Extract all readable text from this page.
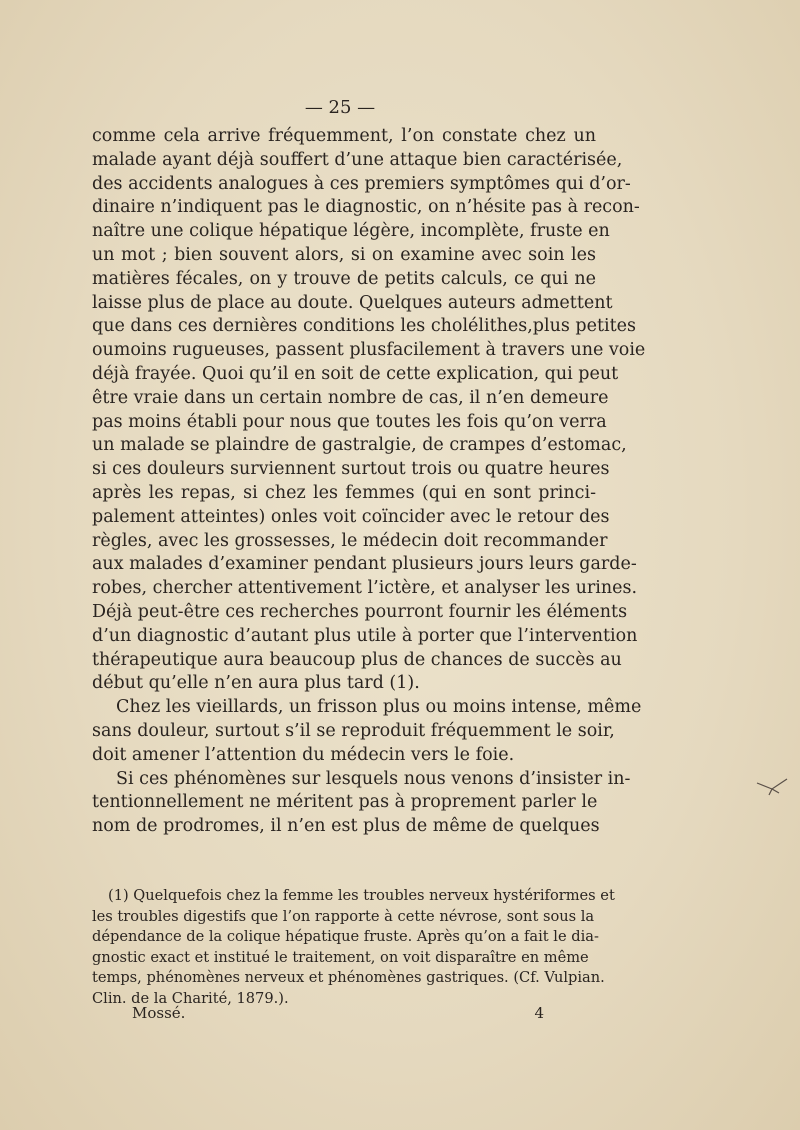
— 25 —
comme cela arrive fréquemment, l’on constate chez un
malade ayant déjà souffert d’une attaque bien caractérisée,
des accidents analogues à ces premiers symptômes qui d’or-
dinaire n’indiquent pas le diagnostic, on n’hésite pas à recon-
naître une colique hépatique légère, incomplète, fruste en
un mot ; bien souvent alors, si on examine avec soin les
matières fécales, on y trouve de petits calculs, ce qui ne
laisse plus de place au doute. Quelques auteurs admettent
que dans ces dernières conditions les cholélithes,plus petites
oumoins rugueuses, passent plusfacilement à travers une voie
déjà frayée. Quoi qu’il en soit de cette explication, qui peut
être vraie dans un certain nombre de cas, il n’en demeure
pas moins établi pour nous que toutes les fois qu’on verra
un malade se plaindre de gastralgie, de crampes d’estomac,
si ces douleurs surviennent surtout trois ou quatre heures
après les repas, si chez les femmes (qui en sont princi-
palement atteintes) onles voit coïncider avec le retour des
règles, avec les grossesses, le médecin doit recommander
aux malades d’examiner pendant plusieurs jours leurs garde-
robes, chercher attentivement l’ictère, et analyser les urines.
Déjà peut-être ces recherches pourront fournir les éléments
d’un diagnostic d’autant plus utile à porter que l’intervention
thérapeutique aura beaucoup plus de chances de succès au
début qu’elle n’en aura plus tard (1).
Chez les vieillards, un frisson plus ou moins intense, même
sans douleur, surtout s’il se reproduit fréquemment le soir,
doit amener l’attention du médecin vers le foie.
Si ces phénomènes sur lesquels nous venons d’insister in-
tentionnellement ne méritent pas à proprement parler le
nom de prodromes, il n’en est plus de même de quelques
(1) Quelquefois chez la femme les troubles nerveux hystériformes et
les troubles digestifs que l’on rapporte à cette névrose, sont sous la
dépendance de la colique hépatique fruste. Après qu’on a fait le dia-
gnostic exact et institué le traitement, on voit disparaître en même
temps, phénomènes nerveux et phénomènes gastriques. (Cf. Vulpian.
Clin. de la Charité, 1879.).
Mossé.	4
